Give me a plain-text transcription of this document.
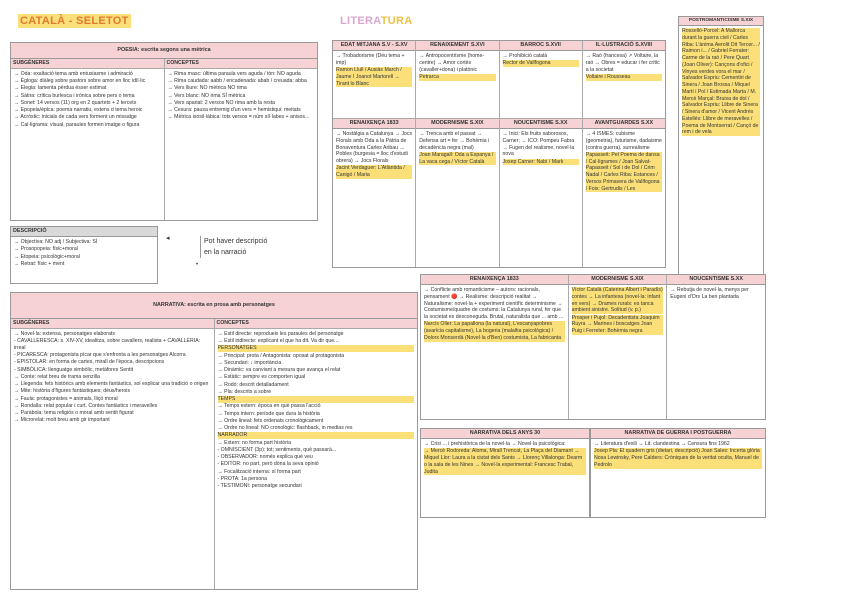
CATALÀ - SELETOT	LITERATURA
POESIA: escrita segons una mètrica
SUBGÈNERES
→ Oda: exaltació tema amb entusiasme i admiració
→ Ègloga: diàleg sobre pastors sobre amor en lloc idíl·lic
→ Elegia: lamenta pèrdua ésser estimat
→ Sàtira: crítica burlesca i irònica sobre pers o tema
→ Sonet: 14 versos (11) org en 2 quartets + 2 tercets
→ Epopeia/èpica: poema narratiu, extens d tema heroic
→ Acròstic: inicials de cada vers forment un missatge
→ Cal·ligrama: visual, paraules formen imatge o figura
CONCEPTES
→ Rima masc: última paraula vers aguda / tòn: NO aguda
→ Rima caudada: aabb / encadenada: abab / creuada: abba
→ Vers lliure: NO mètrica NO rima
→ Vers blanc: NO rima SÍ mètrica
→ Vers apariat: 2 versos NO rima amb la resta
→ Cesura: pausa entremig d'un vers = hemistiqui: meitats
→ Mètrica isosil·làbica: tots versos = núm síl·labes + anisos...
DESCRIPCIÓ
→ Objectiva: NO adj / Subjectiva: SÍ
→ Prosopopeia: físic+moral
→ Etopeia: psicològic+moral
→ Retrat: físic + ment
◂	Pot haver descripció
en la narració
•
NARRATIVA: escrita en prosa amb personatges
SUBGÈNERES
→ Novel·la: extensa, personatges elaborats
- CAVALLERESCA: s. XIV-XV, idealitza, sobre cavallers, realista + CAVALLERIA: irreal
- PICARESCA: protagonista pícar que s'enfronta a les personatges Alcorra
- EPISTOLAR: en forma de cartes, mirall de l'època, descripcions
- SIMBÒLICA: llenguatge simbòlic, metàfores Sentit
→ Conte: relat breu de trama senzilla
→ Llegenda: fets històrics amb elements fantàstics, sol explicar una tradició o origen
→ Mite: història d'figures fantàstiques; déus/herois
→ Faula: protagonistes = animals, lliçó moral
→ Rondalla: relat popular i curt. Contes fantàstics i meravelles
→ Paràbola: tema religiós o moral amb sentit figurat
→ Microrelat: molt breu amb gir important
CONCEPTES
→ Estil directe: reprodueix les paraules del personatge
→ Estil indirecte: explicant el que ha dit. Va dir que...
PERSONATGES
→ Principal: prota / Antagonista: oposat al protagonista
→ Secundari: ↓ importància
→ Dinàmic: va canviant a mesura que avança el relat
→ Estàtic: sempre es comporten igual
→ Rodó: descrit detalladament
→ Pla: descrits a sobre
TEMPS
→ Temps extern: època en què passa l'acció
→ Temps intern: període que dura la història
→ Ordre lineal: fets ordenats cronològicament
→ Ordre no lineal: NO cronològic: flashback, in medias res
NARRADOR
→ Extern: no forma part història
- OMNISCIENT (3p): tot; sentiments, què passarà...
- OBSERVADOR: només explica què veu
- EDITOR: no part, però dóna la seva opinió
→ Focalització interna: sí forma part
- PROTA: 1a persona
- TESTIMONI: personatge secundari
EDAT MITJANA S.V - S.XV
→ Trobadorisme (Déu tema + imp)
Ramon Llull / Ausiàs March / Jaume I Joanot Martorell → Tirant lo Blanc
RENAIXEMENT S.XVI
→ Antropocentrisme (home-centre) → Amor cortès (cavaller+dona) i platònic
Petrarca
BARROC S.XVII
→ Prohibició català
Rector de Vallfogona
IL·LUSTRACIÓ S.XVIII
→ Raó (francesa) ↗ Voltaire, la raó → Obres = educar i fer crític a la societat
Voltaire i Rousseau
RENAIXENÇA 1833
→ Nostàlgia a Catalunya → Jocs Florals amb Oda a la Pàtria de Bonaventura Carles Aribau → Pobles (burgesia = lloc d'estudi obrera) → Jocs Florals
Jacint Verdaguer: L'Atlàntida / Canigó / Maria
MODERNISME S.XIX
→ Trenca amb el passat → Defensa art = fer → Bohèmia i decadència negra (mal)
Joan Maragall: Oda a Espanya / La vaca cega / Víctor Català
NOUCENTISME S.XX
→ Inici: Els fruits saborosos, Carner; → ICO: Pompeu Fabra → Fugen del realisme, novel·la nova
Josep Carner: Nabí / Mark
AVANTGUARDES S.XX
→ 4 ISMES: cubisme (geometria), futurisme, dadaisme (contra guerra), surrealisme
Papasseit: Pel Poema de dansa / Cal·ligrames / Joan Salvat-Papasseit / Sol i de Dol / Crim Nadal / Carles Riba: Estances / Versos Primavera de Vallfogona / Foix: Gertrudis / Les
POSTROMANTICISME S.XIX
Rosselló-Porcel: A Mallorca durant la guerra civil / Carles Riba: L'ànima Aerolit Dit Tercer... / Raimon i... / Gabriel Ferrater: Carme de la raó / Pere Quart (Joan Oliver): Cançons d'ofici / Vinyes verdes vora el mar / Salvador Espriu: Cementiri de Sinera / Joan Brossa / Miquel Martí i Pol / Estimada Marta / M. Mercè Marçal: Bruixa de dol / Salvador Espriu: Llibre de Sinera / Sinera d'amor / Vicent Andrés Estellés: Llibre de meravelles / Poema de Montserrat / Cançó de rem i de vela
RENAIXENÇA 1833
→ Conflicte amb romanticisme – autors: racionals, pensament 🔴 → Realisme: descripció realitat → Naturalisme: novel·la + experiment científic determinisme → Costumisme/quadre de costums: la Catalunya rural, fer que la societat es desconeguda. Brutal, naturalista que ... amb ...
Narcís Oller: La papallona (la natural), L'escanyapobres (avarícia capitalisme), La bogeria (malaltia psicològica) / Dolors Monserdà (Novel·la d'Ben) costumista, La fabricanta
MODERNISME S.XIX
Víctor Català (Caterina Albert i Paradís) contes → La infantesa (novel·la: infant en vers) → Drames rurals: es tanca ambient sinistre. Solitud (v. p.)
Prosper i Pujol: Decadentista Joaquim Ruyra → Marines i boscatges Joan Puig i Ferreter: Bohèmia negra
NOUCENTISME S.XX
→ Rebutja de novel·la, menys per Eugeni d'Ors La ben plantada
NARRATIVA DELS ANYS 30
→ Crisi ... i prehistòrica de la novel·la → Novel·la psicològica:
→ Mercè Rodoreda: Aloma, Mirall Trencat, La Plaça del Diamant → Miquel Llor: Laura a la ciutat dels Sants → Llorenç Villalonga: Dearm o la sala de les Nines → Novel·la experimental: Francesc Trabal, Judita
NARRATIVA DE GUERRA I POSTGUERRA
→ Literatura d'exili → Lit. clandestina → Censura fins 1962
Josep Pla: El quadern gris (dietari, descripció) Joan Sales: Incerta glòria Nosa Lewinsky, Pere Calders: Cròniques de la veritat oculta, Manuel de Pedrolo
